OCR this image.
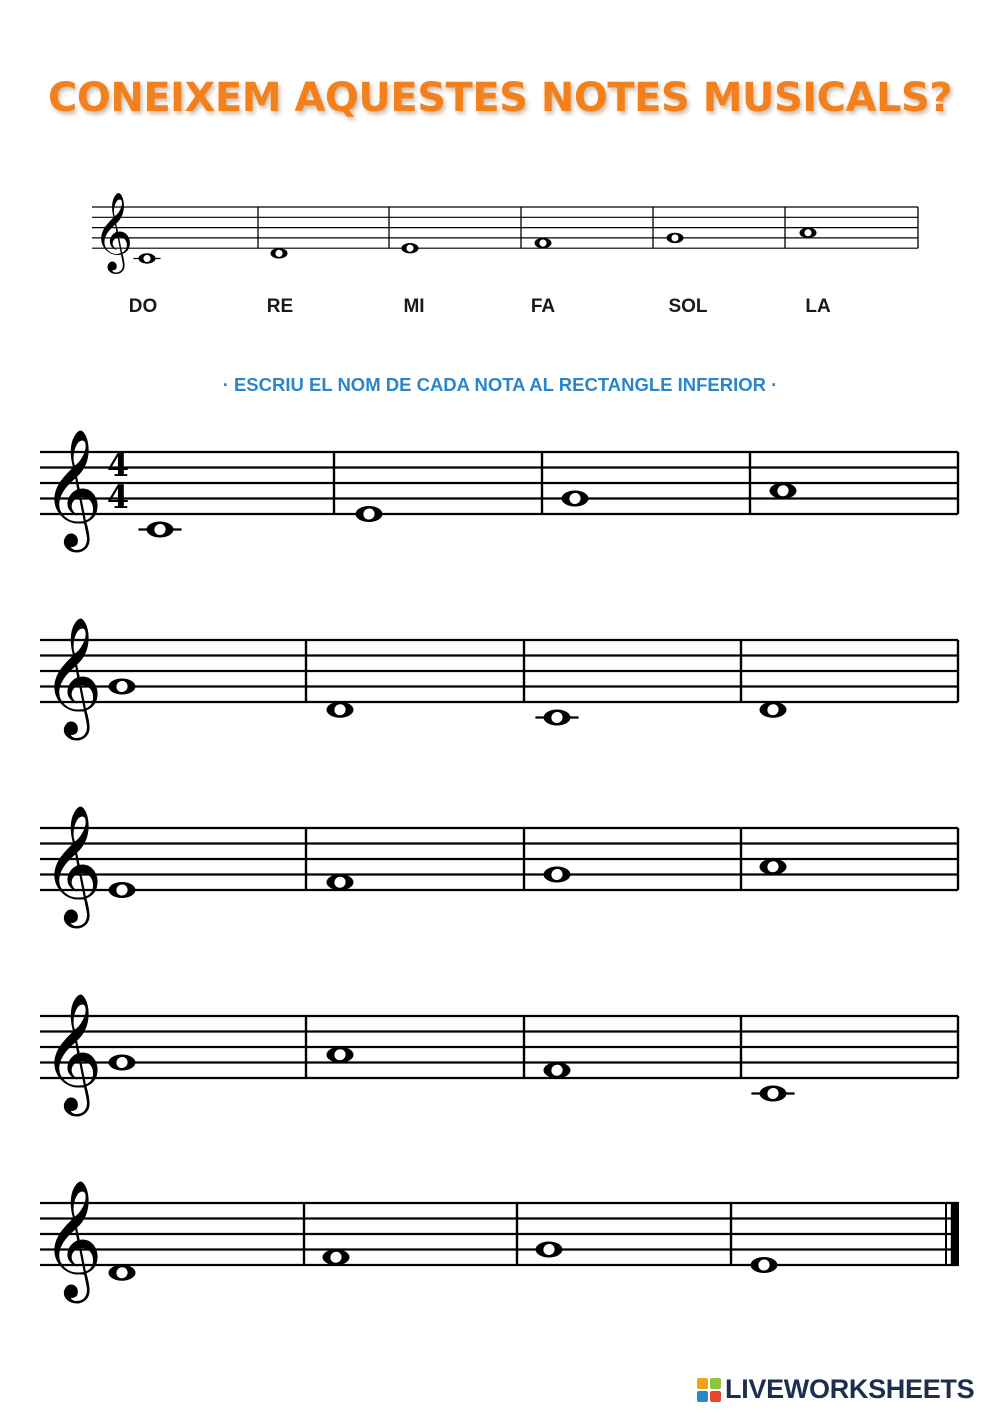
CONEIXEM AQUESTES NOTES MUSICALS?
𝄞
DO	RE	MI	FA	SOL	LA
· ESCRIU EL NOM DE CADA NOTA AL RECTANGLE INFERIOR ·
𝄞 4
4
𝄞
𝄞
𝄞
𝄞
LIVEWORKSHEETS
